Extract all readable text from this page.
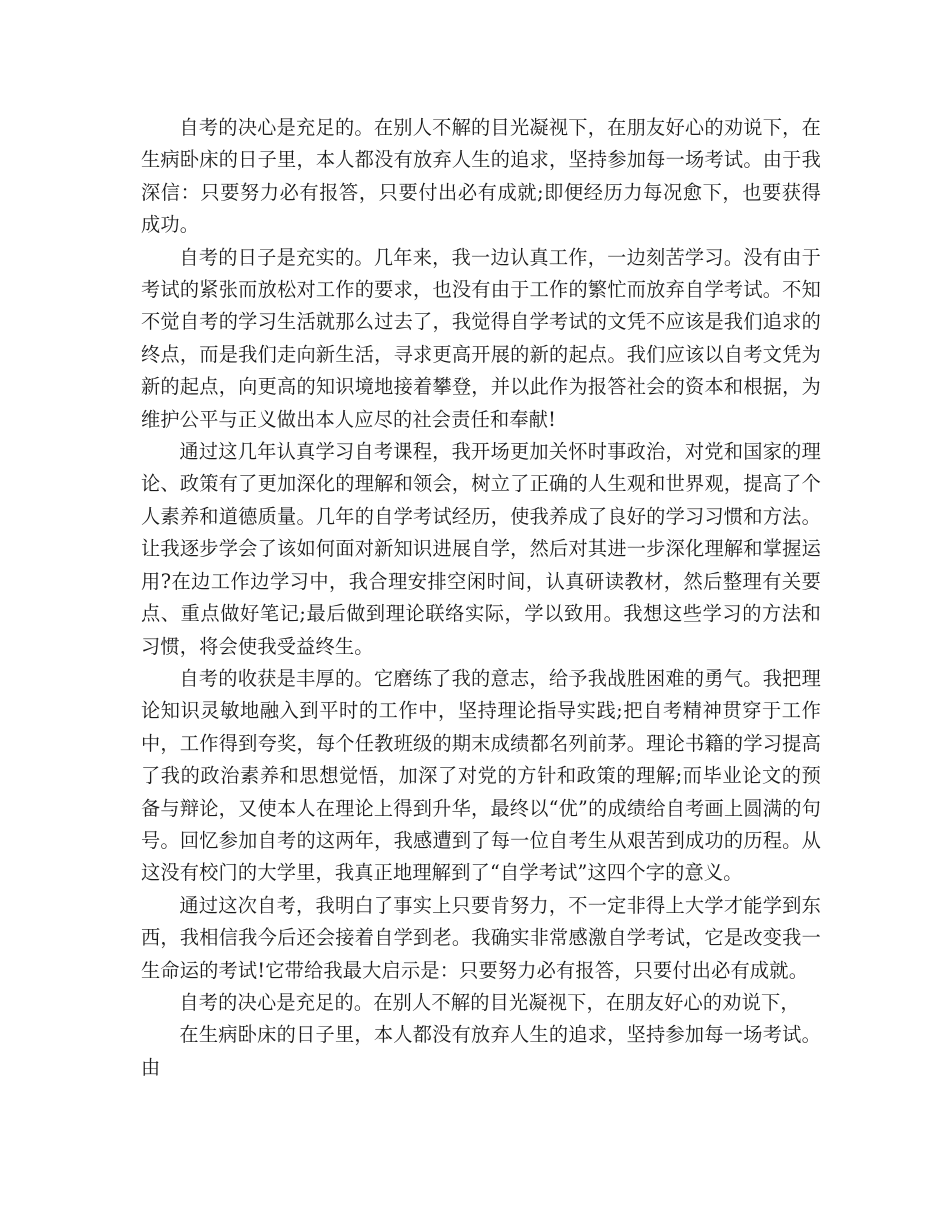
自考的决心是充足的。在别人不解的目光凝视下，在朋友好心的劝说下，在生病卧床的日子里，本人都没有放弃人生的追求，坚持参加每一场考试。由于我深信：只要努力必有报答，只要付出必有成就;即便经历力每况愈下，也要获得成功。

自考的日子是充实的。几年来，我一边认真工作，一边刻苦学习。没有由于考试的紧张而放松对工作的要求，也没有由于工作的繁忙而放弃自学考试。不知不觉自考的学习生活就那么过去了，我觉得自学考试的文凭不应该是我们追求的终点，而是我们走向新生活，寻求更高开展的新的起点。我们应该以自考文凭为新的起点，向更高的知识境地接着攀登，并以此作为报答社会的资本和根据，为维护公平与正义做出本人应尽的社会责任和奉献!

通过这几年认真学习自考课程，我开场更加关怀时事政治，对党和国家的理论、政策有了更加深化的理解和领会，树立了正确的人生观和世界观，提高了个人素养和道德质量。几年的自学考试经历，使我养成了良好的学习习惯和方法。让我逐步学会了该如何面对新知识进展自学，然后对其进一步深化理解和掌握运用?在边工作边学习中，我合理安排空闲时间，认真研读教材，然后整理有关要点、重点做好笔记;最后做到理论联络实际，学以致用。我想这些学习的方法和习惯，将会使我受益终生。

自考的收获是丰厚的。它磨练了我的意志，给予我战胜困难的勇气。我把理论知识灵敏地融入到平时的工作中，坚持理论指导实践;把自考精神贯穿于工作中，工作得到夸奖，每个任教班级的期末成绩都名列前茅。理论书籍的学习提高了我的政治素养和思想觉悟，加深了对党的方针和政策的理解;而毕业论文的预备与辩论，又使本人在理论上得到升华，最终以“优”的成绩给自考画上圆满的句号。回忆参加自考的这两年，我感遭到了每一位自考生从艰苦到成功的历程。从这没有校门的大学里，我真正地理解到了“自学考试”这四个字的意义。

通过这次自考，我明白了事实上只要肯努力，不一定非得上大学才能学到东西，我相信我今后还会接着自学到老。我确实非常感激自学考试，它是改变我一生命运的考试!它带给我最大启示是：只要努力必有报答，只要付出必有成就。

自考的决心是充足的。在别人不解的目光凝视下，在朋友好心的劝说下，

在生病卧床的日子里，本人都没有放弃人生的追求，坚持参加每一场考试。由
